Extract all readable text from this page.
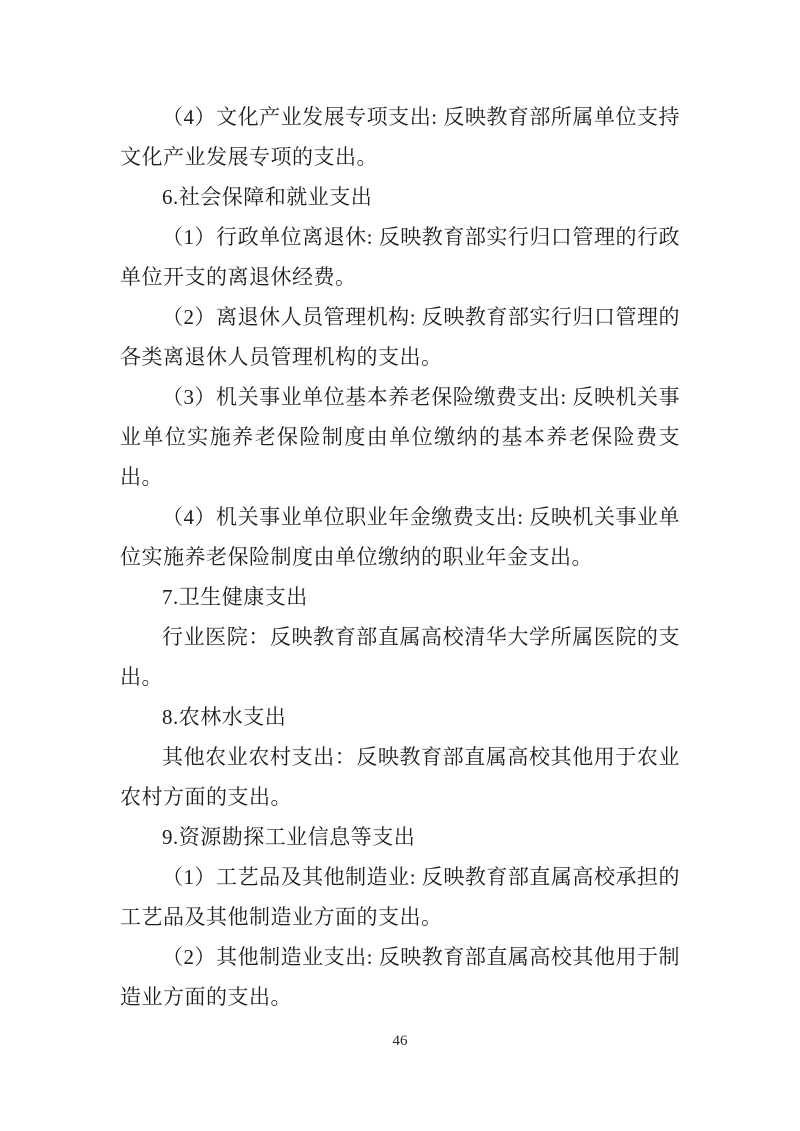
（4）文化产业发展专项支出: 反映教育部所属单位支持文化产业发展专项的支出。

6.社会保障和就业支出

（1）行政单位离退休: 反映教育部实行归口管理的行政单位开支的离退休经费。

（2）离退休人员管理机构: 反映教育部实行归口管理的各类离退休人员管理机构的支出。

（3）机关事业单位基本养老保险缴费支出: 反映机关事业单位实施养老保险制度由单位缴纳的基本养老保险费支出。

（4）机关事业单位职业年金缴费支出: 反映机关事业单位实施养老保险制度由单位缴纳的职业年金支出。

7.卫生健康支出

行业医院：反映教育部直属高校清华大学所属医院的支出。

8.农林水支出

其他农业农村支出：反映教育部直属高校其他用于农业农村方面的支出。

9.资源勘探工业信息等支出

（1）工艺品及其他制造业: 反映教育部直属高校承担的工艺品及其他制造业方面的支出。

（2）其他制造业支出: 反映教育部直属高校其他用于制造业方面的支出。

46
